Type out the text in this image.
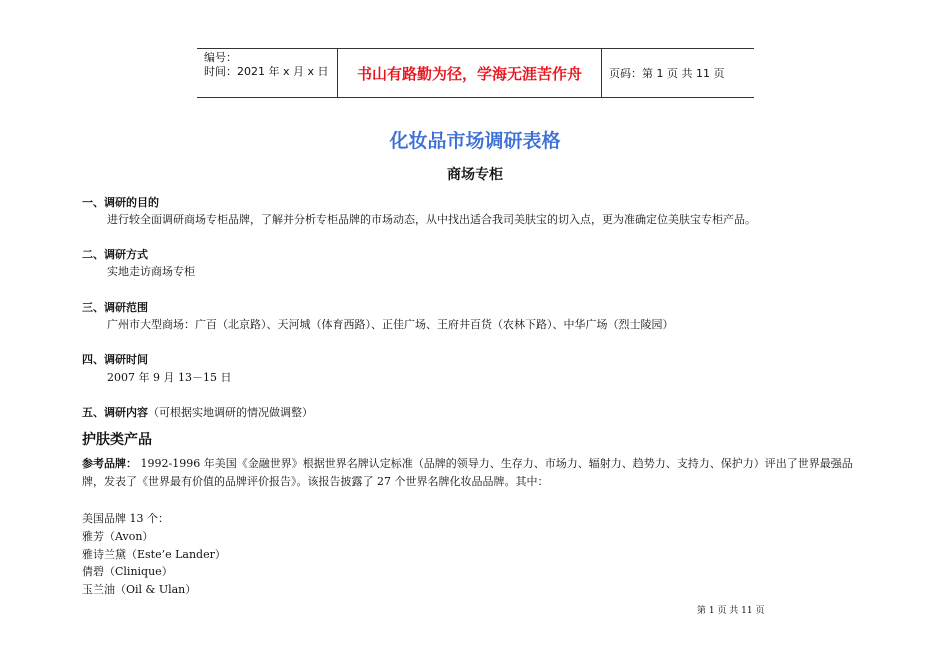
编号：
时间：2021 年 x 月 x 日	书山有路勤为径，学海无涯苦作舟 页码：第 1 页 共 11 页
化妆品市场调研表格
商场专柜
一、调研的目的
进行较全面调研商场专柜品牌，了解并分析专柜品牌的市场动态，从中找出适合我司美肤宝的切入点，更为准确定位美肤宝专柜产品。
二、调研方式
实地走访商场专柜
三、调研范围
广州市大型商场：广百（北京路）、天河城（体育西路）、正佳广场、王府井百货（农林下路）、中华广场（烈士陵园）
四、调研时间
2007 年 9 月 13－15 日
五、调研内容（可根据实地调研的情况做调整）
护肤类产品
参考品牌： 1992-1996 年美国《金融世界》根据世界名牌认定标准（品牌的领导力、生存力、市场力、辐射力、趋势力、支持力、保护力）评出了世界最强品牌，发表了《世界最有价值的品牌评价报告》。该报告披露了 27 个世界名牌化妆品品牌。其中：
美国品牌 13 个：
雅芳（Avon）
雅诗兰黛（Este’e Lander）
倩碧（Clinique）
玉兰油（Oil & Ulan）
第 1 页 共 11 页
